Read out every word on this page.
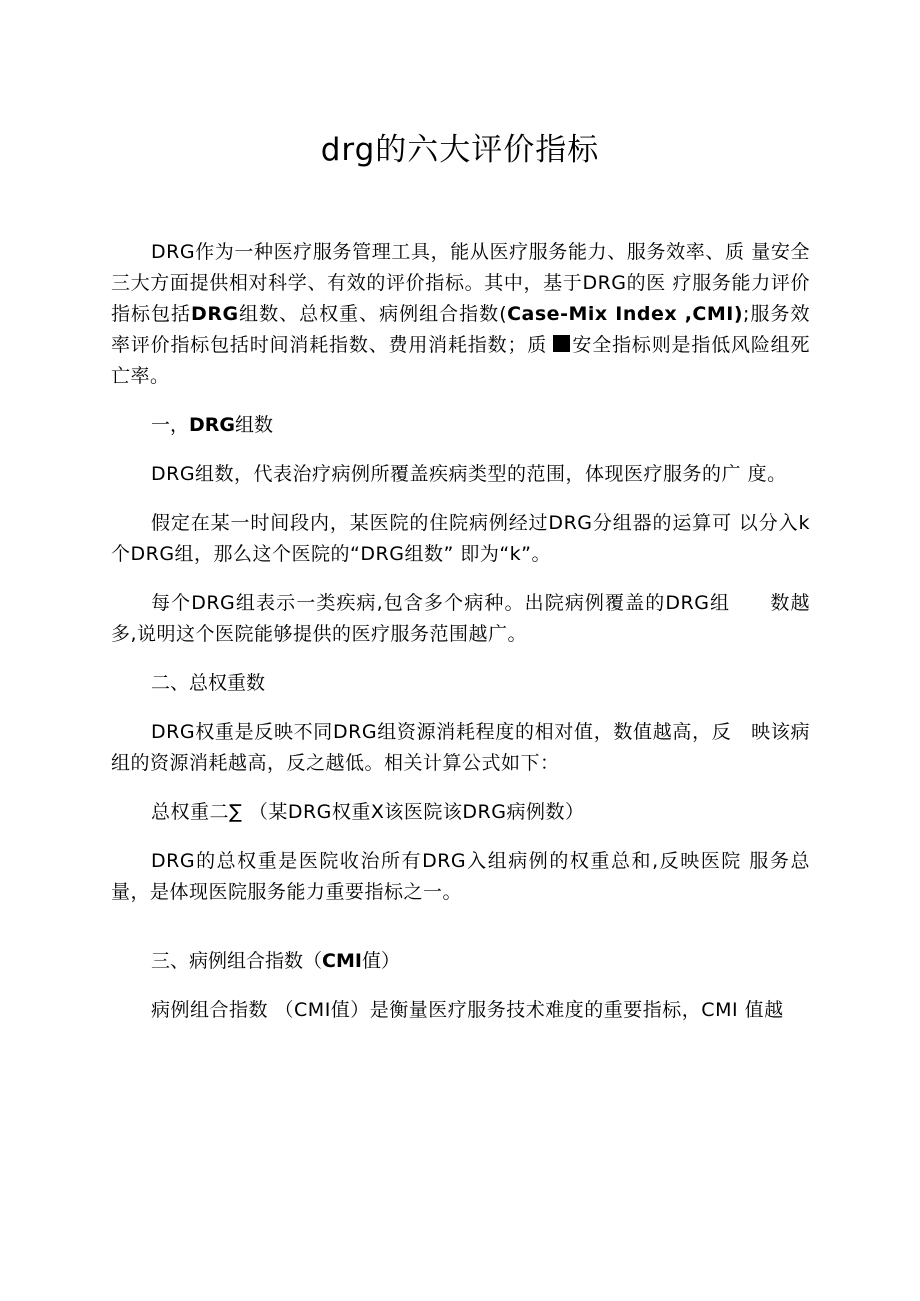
drg的六大评价指标

DRG作为一种医疗服务管理工具，能从医疗服务能力、服务效率、质 量安全三大方面提供相对科学、有效的评价指标。其中，基于DRG的医 疗服务能力评价指标包括DRG组数、总权重、病例组合指数(Case-Mix Index ,CMI);服务效率评价指标包括时间消耗指数、费用消耗指数；质 安全指标则是指低风险组死亡率。

一，DRG组数

DRG组数，代表治疗病例所覆盖疾病类型的范围，体现医疗服务的广 度。

假定在某一时间段内，某医院的住院病例经过DRG分组器的运算可 以分入k个DRG组，那么这个医院的“DRG组数” 即为“k”。

每个DRG组表示一类疾病,包含多个病种。出院病例覆盖的DRG组　　数越多,说明这个医院能够提供的医疗服务范围越广。

二、总权重数

DRG权重是反映不同DRG组资源消耗程度的相对值，数值越高，反　映该病组的资源消耗越高，反之越低。相关计算公式如下：

总权重二∑ （某DRG权重X该医院该DRG病例数）

DRG的总权重是医院收治所有DRG入组病例的权重总和,反映医院 服务总量，是体现医院服务能力重要指标之一。

三、病例组合指数（CMI值）

病例组合指数 （CMI值）是衡量医疗服务技术难度的重要指标，CMI 值越
